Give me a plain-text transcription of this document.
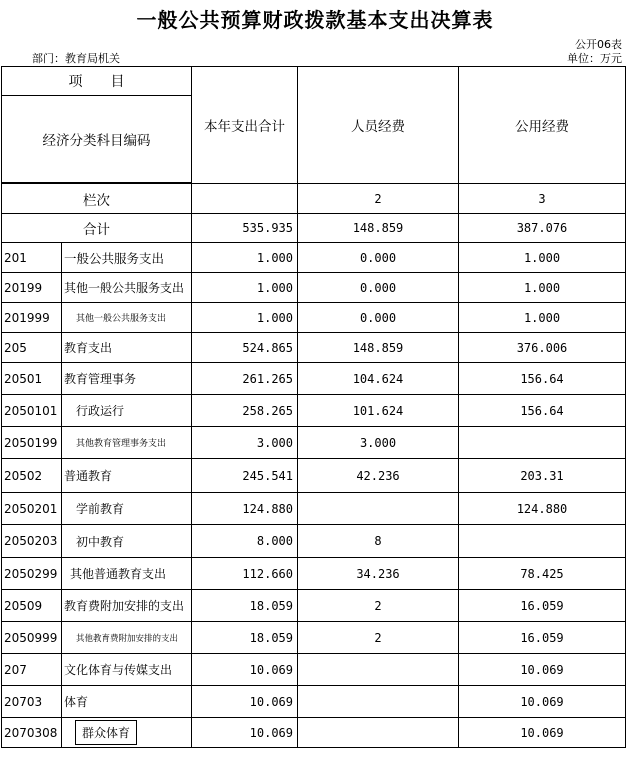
一般公共预算财政拨款基本支出决算表
公开06表
部门：教育局机关	单位：万元
项　　目		本年支出合计	人员经费	公用经费
经济分类科目编码				

栏次			2	3
合计		535.935	148.859	387.076
201	一般公共服务支出	1.000	0.000	1.000
20199	其他一般公共服务支出	1.000	0.000	1.000
201999	其他一般公共服务支出	1.000	0.000	1.000
205	教育支出	524.865	148.859	376.006
20501	教育管理事务	261.265	104.624	156.64
2050101	行政运行	258.265	101.624	156.64
2050199	其他教育管理事务支出	3.000	3.000	
20502	普通教育	245.541	42.236	203.31
2050201	学前教育	124.880		124.880
2050203	初中教育	8.000	8	
2050299	其他普通教育支出	112.660	34.236	78.425
20509	教育费附加安排的支出	18.059	2	16.059
2050999	其他教育费附加安排的支出	18.059	2	16.059
207	文化体育与传媒支出	10.069		10.069
20703	体育	10.069		10.069
2070308	群众体育	10.069		10.069
